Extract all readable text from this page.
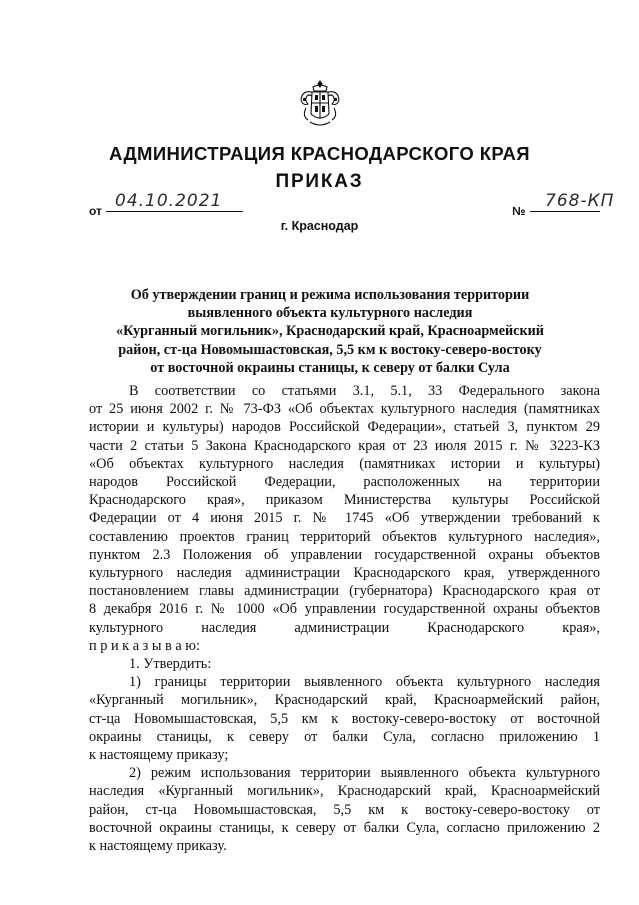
АДМИНИСТРАЦИЯ КРАСНОДАРСКОГО КРАЯ
ПРИКАЗ
от 04.10.2021	№ 768-КП
г. Краснодар
Об утверждении границ и режима использования территории
выявленного объекта культурного наследия
«Курганный могильник», Краснодарский край, Красноармейский
район, ст-ца Новомышастовская, 5,5 км к востоку-северо-востоку
от восточной окраины станицы, к северу от балки Сула
В соответствии со статьями 3.1, 5.1, 33 Федерального закона
от 25 июня 2002 г. № 73-ФЗ «Об объектах культурного наследия (памятниках
истории и культуры) народов Российской Федерации», статьей 3, пунктом 29
части 2 статьи 5 Закона Краснодарского края от 23 июля 2015 г. № 3223-КЗ
«Об объектах культурного наследия (памятниках истории и культуры)
народов Российской Федерации, расположенных на территории
Краснодарского края», приказом Министерства культуры Российской
Федерации от 4 июня 2015 г. № 1745 «Об утверждении требований к
составлению проектов границ территорий объектов культурного наследия»,
пунктом 2.3 Положения об управлении государственной охраны объектов
культурного наследия администрации Краснодарского края, утвержденного
постановлением главы администрации (губернатора) Краснодарского края от
8 декабря 2016 г. № 1000 «Об управлении государственной охраны объектов
культурного наследия администрации Краснодарского края»,
п р и к а з ы в а ю:
1. Утвердить:
1) границы территории выявленного объекта культурного наследия
«Курганный могильник», Краснодарский край, Красноармейский район,
ст-ца Новомышастовская, 5,5 км к востоку-северо-востоку от восточной
окраины станицы, к северу от балки Сула, согласно приложению 1
к настоящему приказу;
2) режим использования территории выявленного объекта культурного
наследия «Курганный могильник», Краснодарский край, Красноармейский
район, ст-ца Новомышастовская, 5,5 км к востоку-северо-востоку от
восточной окраины станицы, к северу от балки Сула, согласно приложению 2
к настоящему приказу.
